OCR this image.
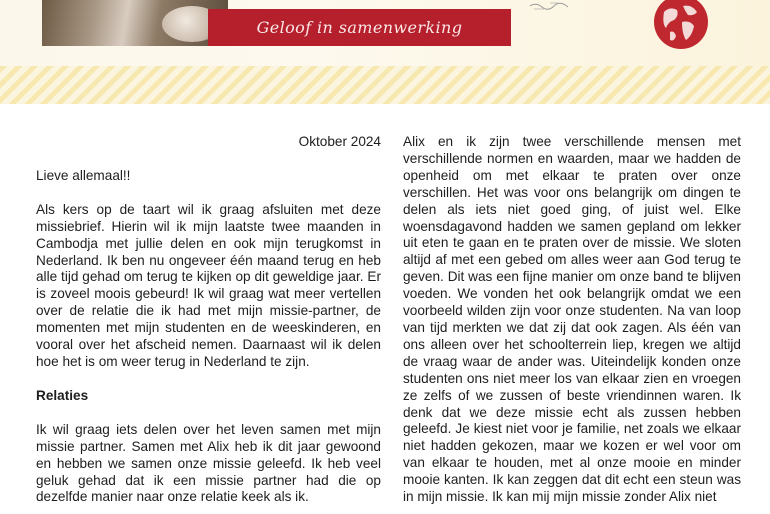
Geloof in samenwerking

Oktober 2024

Lieve allemaal!!

Als kers op de taart wil ik graag afsluiten met deze missiebrief. Hierin wil ik mijn laatste twee maanden in Cambodja met jullie delen en ook mijn terugkomst in Nederland. Ik ben nu ongeveer één maand terug en heb alle tijd gehad om terug te kijken op dit geweldige jaar. Er is zoveel moois gebeurd! Ik wil graag wat meer vertellen over de relatie die ik had met mijn missie-partner, de momenten met mijn studenten en de weeskinderen, en vooral over het afscheid nemen. Daarnaast wil ik delen hoe het is om weer terug in Nederland te zijn.

Relaties

Ik wil graag iets delen over het leven samen met mijn missie partner. Samen met Alix heb ik dit jaar gewoond en hebben we samen onze missie geleefd. Ik heb veel geluk gehad dat ik een missie partner had die op dezelfde manier naar onze relatie keek als ik.

Alix en ik zijn twee verschillende mensen met verschillende normen en waarden, maar we hadden de openheid om met elkaar te praten over onze verschillen. Het was voor ons belangrijk om dingen te delen als iets niet goed ging, of juist wel. Elke woensdagavond hadden we samen gepland om lekker uit eten te gaan en te praten over de missie. We sloten altijd af met een gebed om alles weer aan God terug te geven. Dit was een fijne manier om onze band te blijven voeden. We vonden het ook belangrijk omdat we een voorbeeld wilden zijn voor onze studenten. Na van loop van tijd merkten we dat zij dat ook zagen. Als één van ons alleen over het schoolterrein liep, kregen we altijd de vraag waar de ander was. Uiteindelijk konden onze studenten ons niet meer los van elkaar zien en vroegen ze zelfs of we zussen of beste vriendinnen waren. Ik denk dat we deze missie echt als zussen hebben geleefd. Je kiest niet voor je familie, net zoals we elkaar niet hadden gekozen, maar we kozen er wel voor om van elkaar te houden, met al onze mooie en minder mooie kanten. Ik kan zeggen dat dit echt een steun was in mijn missie. Ik kan mij mijn missie zonder Alix niet
